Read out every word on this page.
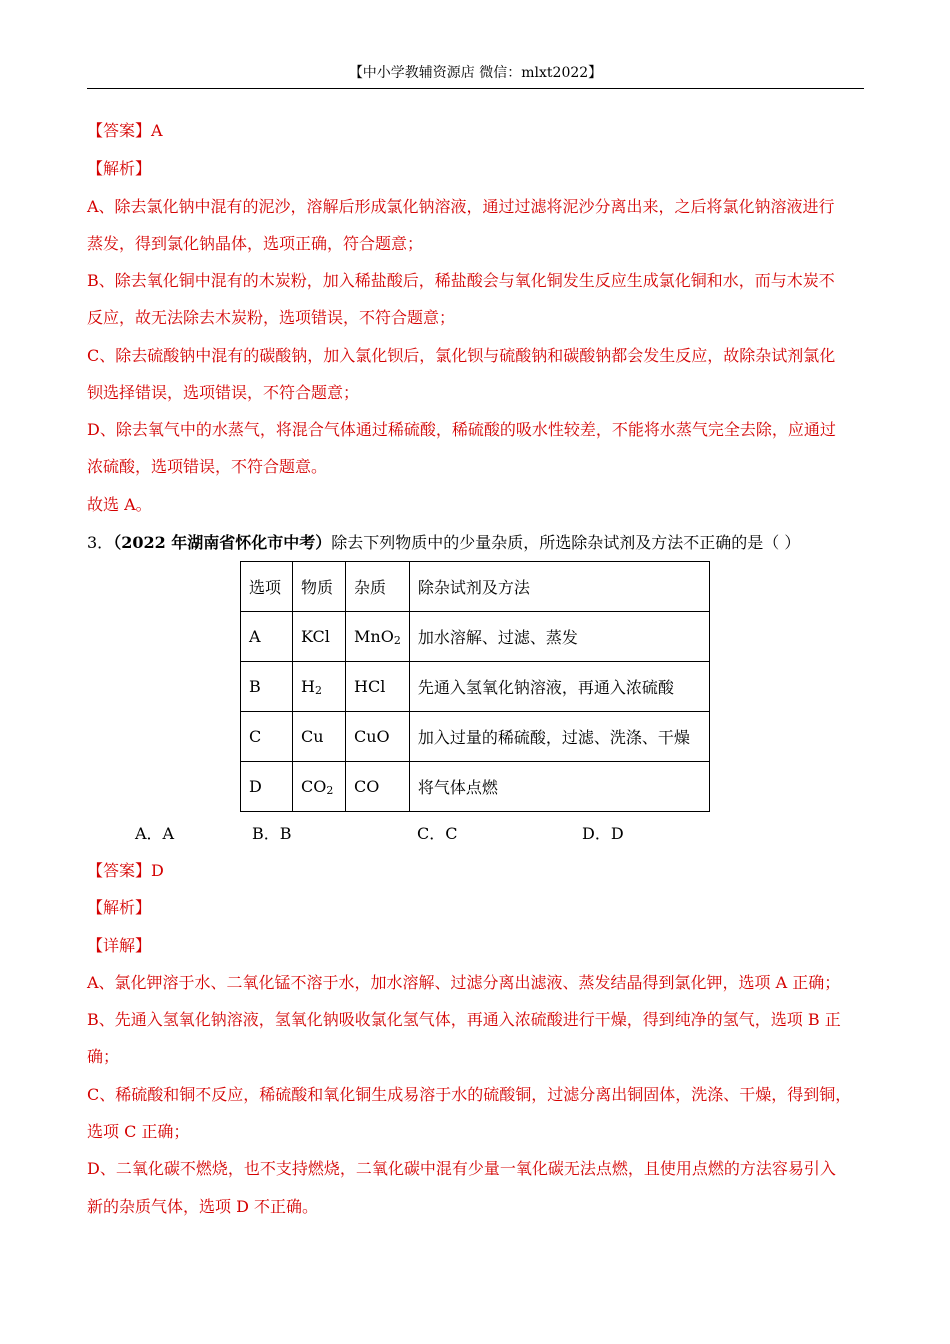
【中小学教辅资源店 微信：mlxt2022】
【答案】A
【解析】
A、除去氯化钠中混有的泥沙，溶解后形成氯化钠溶液，通过过滤将泥沙分离出来，之后将氯化钠溶液进行
蒸发，得到氯化钠晶体，选项正确，符合题意；
B、除去氧化铜中混有的木炭粉，加入稀盐酸后，稀盐酸会与氧化铜发生反应生成氯化铜和水，而与木炭不
反应，故无法除去木炭粉，选项错误，不符合题意；
C、除去硫酸钠中混有的碳酸钠，加入氯化钡后，氯化钡与硫酸钠和碳酸钠都会发生反应，故除杂试剂氯化
钡选择错误，选项错误，不符合题意；
D、除去氧气中的水蒸气，将混合气体通过稀硫酸，稀硫酸的吸水性较差，不能将水蒸气完全去除，应通过
浓硫酸，选项错误，不符合题意。
故选 A。
3．（2022 年湖南省怀化市中考）除去下列物质中的少量杂质，所选除杂试剂及方法不正确的是（ ）
选项	物质	杂质	除杂试剂及方法
A	KCl	MnO$_2$	加水溶解、过滤、蒸发
B	$H_2$	HCl	先通入氢氧化钠溶液，再通入浓硫酸
C	Cu	CuO	加入过量的稀硫酸，过滤、洗涤、干燥
D	$CO_2$	CO	将气体点燃
A．A	B．B	C．C	D．D
【答案】D
【解析】
【详解】
A、氯化钾溶于水、二氧化锰不溶于水，加水溶解、过滤分离出滤液、蒸发结晶得到氯化钾，选项 A 正确；
B、先通入氢氧化钠溶液，氢氧化钠吸收氯化氢气体，再通入浓硫酸进行干燥，得到纯净的氢气，选项 B 正
确；
C、稀硫酸和铜不反应，稀硫酸和氧化铜生成易溶于水的硫酸铜，过滤分离出铜固体，洗涤、干燥，得到铜，
选项 C 正确；
D、二氧化碳不燃烧，也不支持燃烧，二氧化碳中混有少量一氧化碳无法点燃，且使用点燃的方法容易引入
新的杂质气体，选项 D 不正确。
